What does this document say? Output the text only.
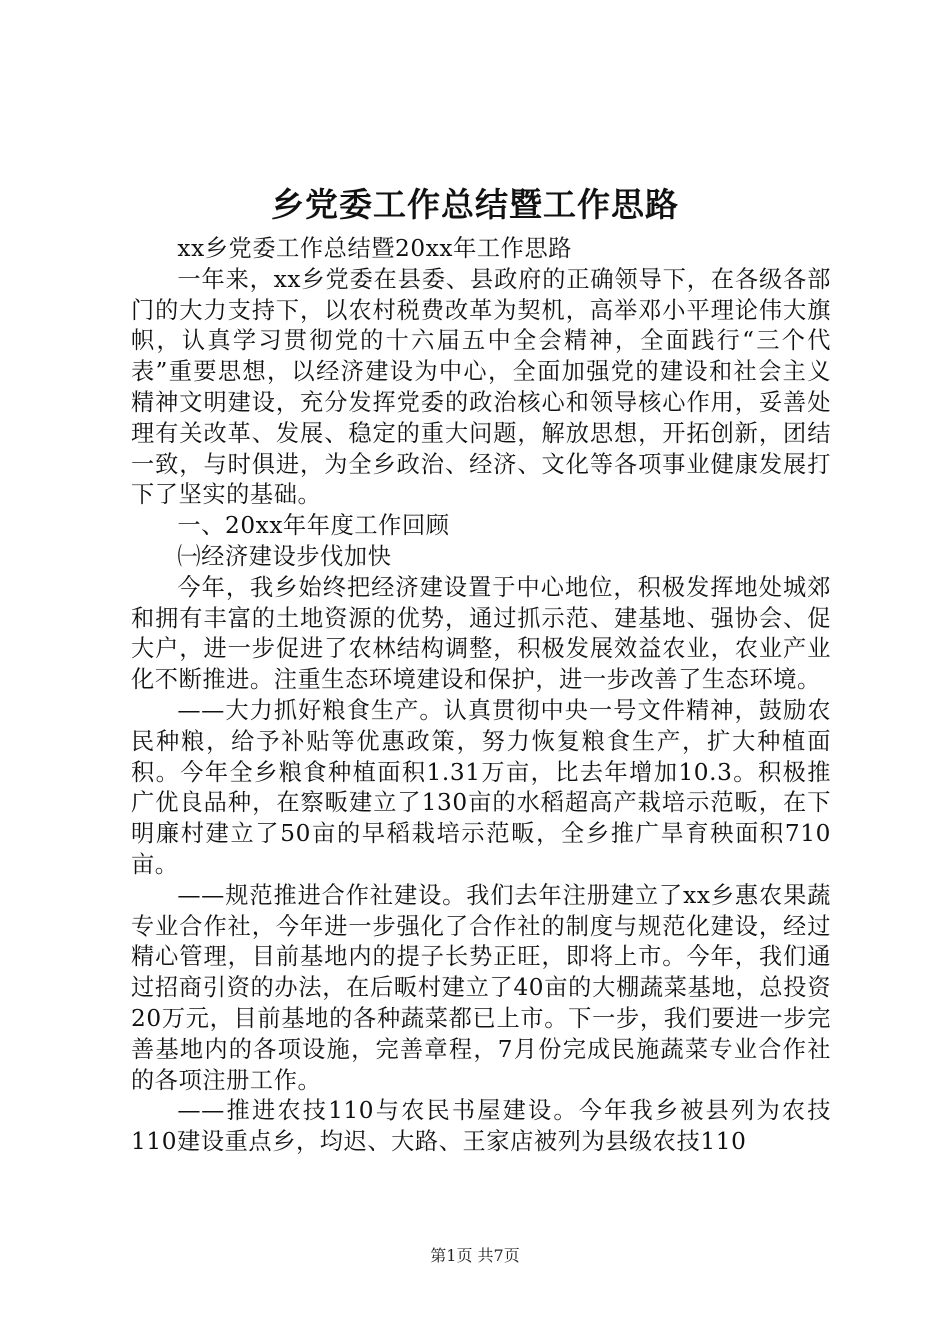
乡党委工作总结暨工作思路

xx乡党委工作总结暨20xx年工作思路

一年来，xx乡党委在县委、县政府的正确领导下，在各级各部门的大力支持下，以农村税费改革为契机，高举邓小平理论伟大旗帜，认真学习贯彻党的十六届五中全会精神，全面践行“三个代表”重要思想，以经济建设为中心，全面加强党的建设和社会主义精神文明建设，充分发挥党委的政治核心和领导核心作用，妥善处理有关改革、发展、稳定的重大问题，解放思想，开拓创新，团结一致，与时俱进，为全乡政治、经济、文化等各项事业健康发展打下了坚实的基础。

一、20xx年年度工作回顾

㈠经济建设步伐加快

今年，我乡始终把经济建设置于中心地位，积极发挥地处城郊和拥有丰富的土地资源的优势，通过抓示范、建基地、强协会、促大户，进一步促进了农林结构调整，积极发展效益农业，农业产业化不断推进。注重生态环境建设和保护，进一步改善了生态环境。

——大力抓好粮食生产。认真贯彻中央一号文件精神，鼓励农民种粮，给予补贴等优惠政策，努力恢复粮食生产，扩大种植面积。今年全乡粮食种植面积1.31万亩，比去年增加10.3。积极推广优良品种，在察畈建立了130亩的水稻超高产栽培示范畈，在下明廉村建立了50亩的早稻栽培示范畈，全乡推广旱育秧面积710亩。

——规范推进合作社建设。我们去年注册建立了xx乡惠农果蔬专业合作社，今年进一步强化了合作社的制度与规范化建设，经过精心管理，目前基地内的提子长势正旺，即将上市。今年，我们通过招商引资的办法，在后畈村建立了40亩的大棚蔬菜基地，总投资20万元，目前基地的各种蔬菜都已上市。下一步，我们要进一步完善基地内的各项设施，完善章程，7月份完成民施蔬菜专业合作社的各项注册工作。

——推进农技110与农民书屋建设。今年我乡被县列为农技110建设重点乡，均迟、大路、王家店被列为县级农技110

第1页 共7页
